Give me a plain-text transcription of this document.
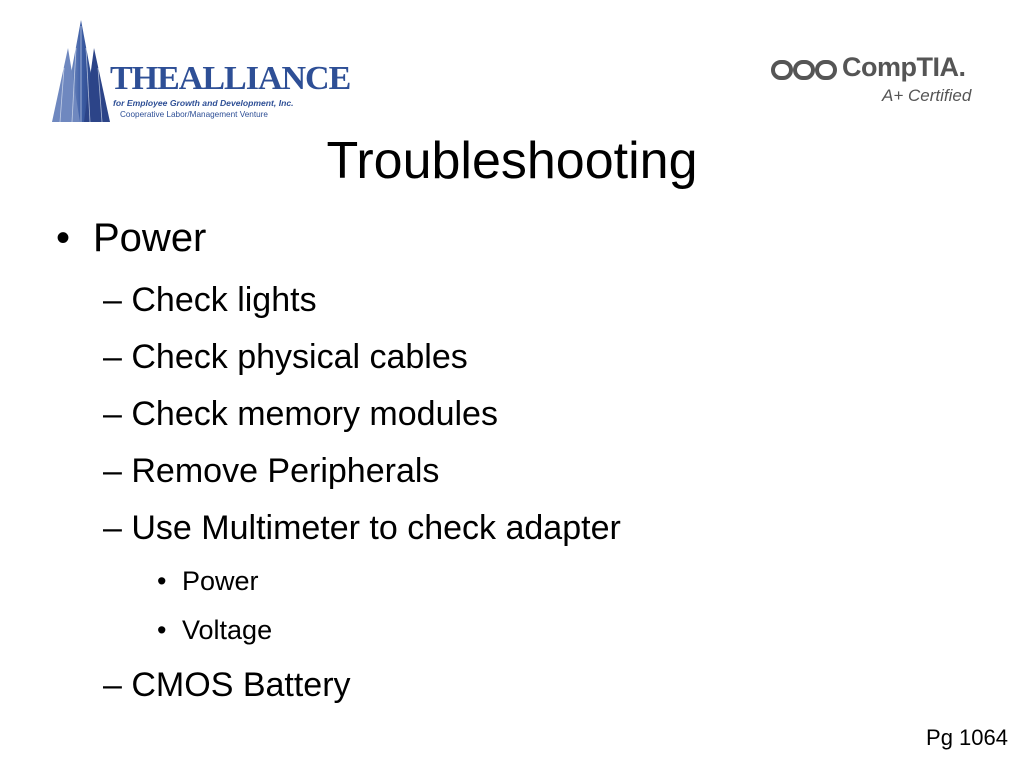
THEALLIANCE
for Employee Growth and Development, Inc.
Cooperative Labor/Management Venture
CompTIA.
A+ Certified
Troubleshooting
• Power
– Check lights
– Check physical cables
– Check memory modules
– Remove Peripherals
– Use Multimeter to check adapter
• Power
• Voltage
– CMOS Battery
Pg 1064
